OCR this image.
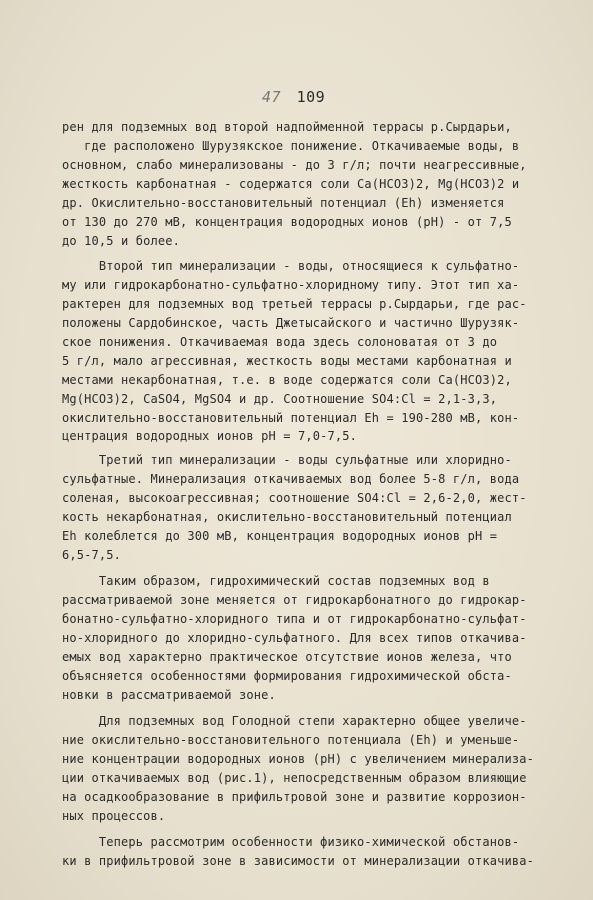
47 109
рен для подземных вод второй надпойменной террасы р.Сырдарьи,
где расположено Шурузякское понижение. Откачиваемые воды, в
основном, слабо минерализованы - до 3 г/л; почти неагрессивные,
жесткость карбонатная - содержатся соли Ca(HCO3)2, Mg(HCO3)2 и
др. Окислительно-восстановительный потенциал (Eh) изменяется
от 130 до 270 мВ, концентрация водородных ионов (pH) - от 7,5
до 10,5 и более.
Второй тип минерализации - воды, относящиеся к сульфатно-
му или гидрокарбонатно-сульфатно-хлоридному типу. Этот тип ха-
рактерен для подземных вод третьей террасы р.Сырдарьи, где рас-
положены Сардобинское, часть Джетысайского и частично Шурузяк-
ское понижения. Откачиваемая вода здесь солоноватая от 3 до
5 г/л, мало агрессивная, жесткость воды местами карбонатная и
местами некарбонатная, т.е. в воде содержатся соли Ca(HCO3)2,
Mg(HCO3)2, CaSO4, MgSO4 и др. Соотношение SO4:Cl = 2,1-3,3,
окислительно-восстановительный потенциал Eh = 190-280 мВ, кон-
центрация водородных ионов pH = 7,0-7,5.
Третий тип минерализации - воды сульфатные или хлоридно-
сульфатные. Минерализация откачиваемых вод более 5-8 г/л, вода
соленая, высокоагрессивная; соотношение SO4:Cl = 2,6-2,0, жест-
кость некарбонатная, окислительно-восстановительный потенциал
Eh колеблется до 300 мВ, концентрация водородных ионов pH =
6,5-7,5.
Таким образом, гидрохимический состав подземных вод в
рассматриваемой зоне меняется от гидрокарбонатного до гидрокар-
бонатно-сульфатно-хлоридного типа и от гидрокарбонатно-сульфат-
но-хлоридного до хлоридно-сульфатного. Для всех типов откачива-
емых вод характерно практическое отсутствие ионов железа, что
объясняется особенностями формирования гидрохимической обста-
новки в рассматриваемой зоне.
Для подземных вод Голодной степи характерно общее увеличе-
ние окислительно-восстановительного потенциала (Eh) и уменьше-
ние концентрации водородных ионов (pH) с увеличением минерализа-
ции откачиваемых вод (рис.1), непосредственным образом влияющие
на осадкообразование в прифильтровой зоне и развитие коррозион-
ных процессов.
Теперь рассмотрим особенности физико-химической обстанов-
ки в прифильтровой зоне в зависимости от минерализации откачива-
